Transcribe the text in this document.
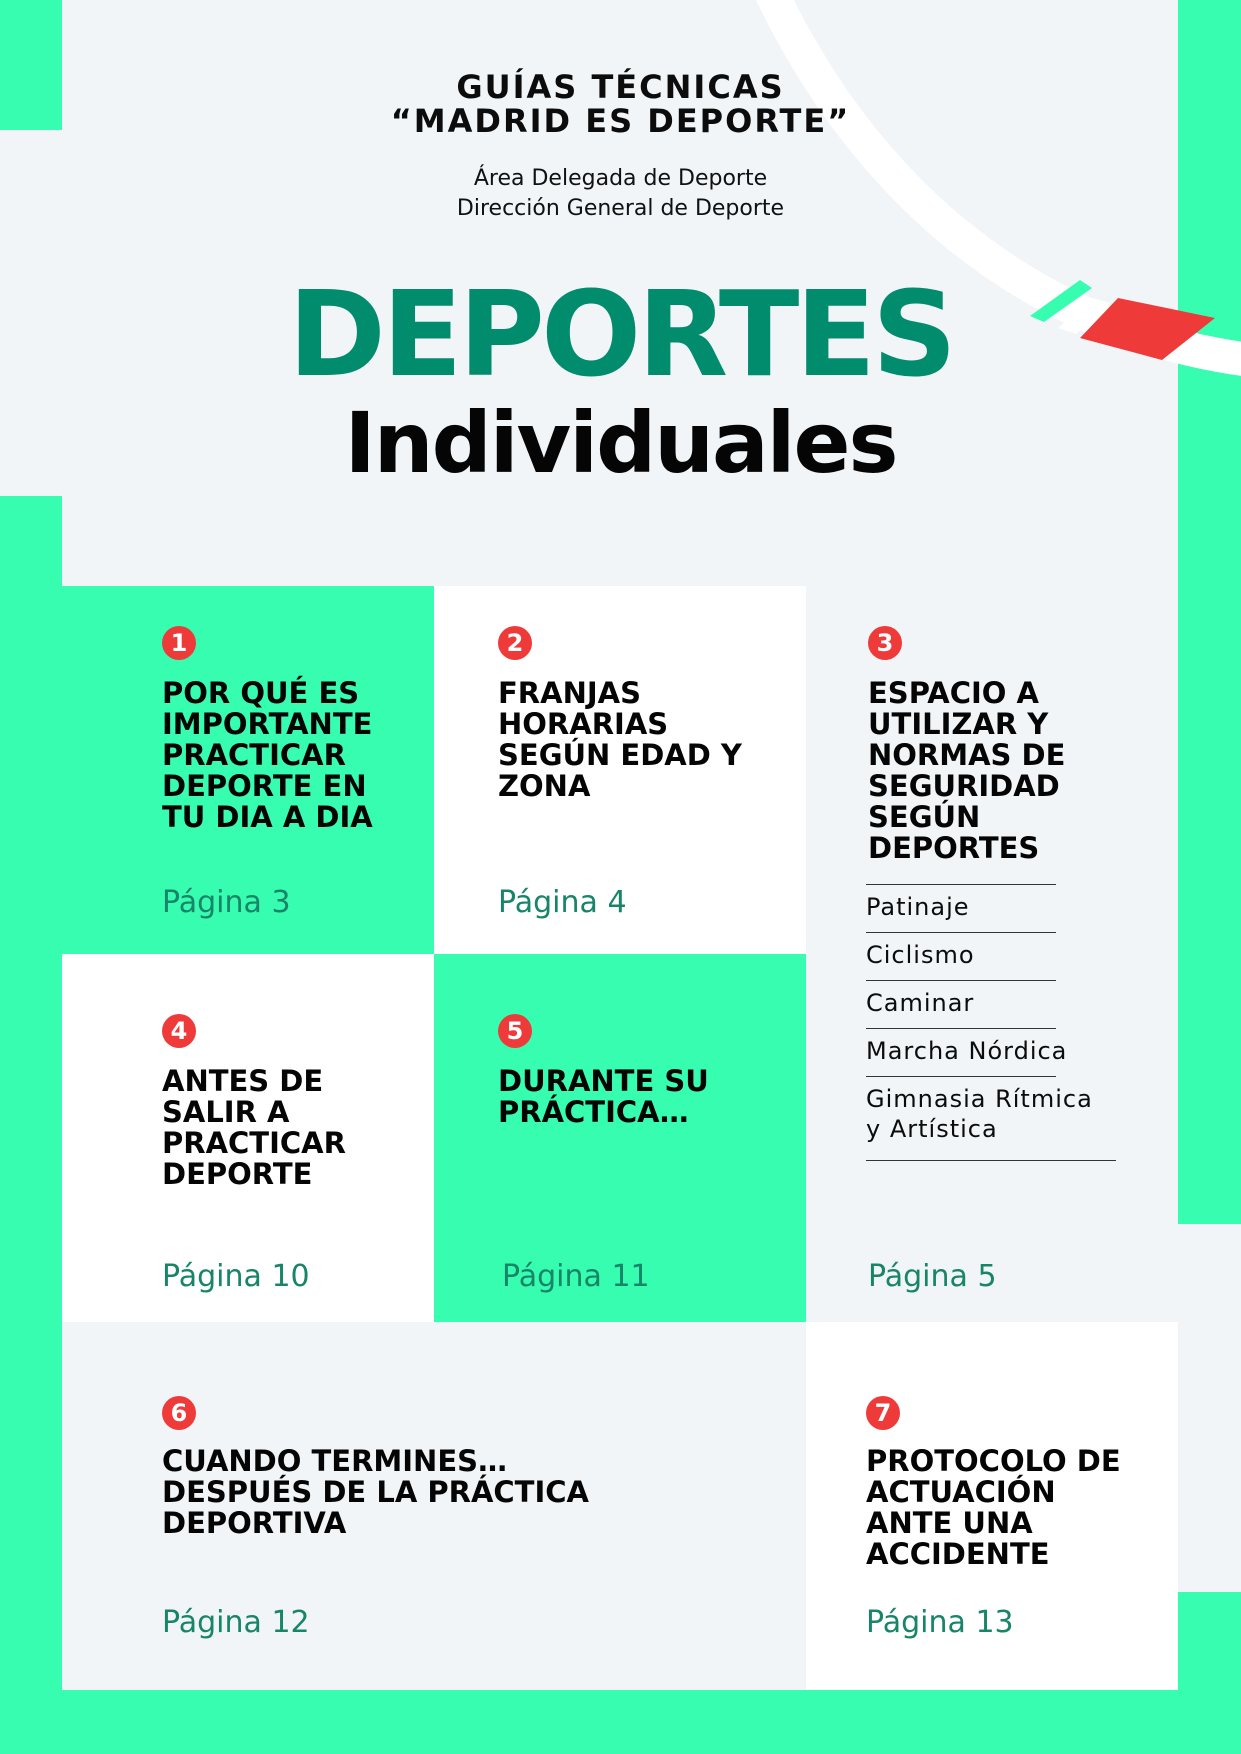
GUÍAS TÉCNICAS
“MADRID ES DEPORTE”
Área Delegada de Deporte
Dirección General de Deporte
DEPORTES
Individuales
1
POR QUÉ ES IMPORTANTE PRACTICAR DEPORTE EN TU DIA A DIA
Página 3
2
FRANJAS HORARIAS SEGÚN EDAD Y ZONA
Página 4
3
ESPACIO A UTILIZAR Y NORMAS DE SEGURIDAD SEGÚN DEPORTES
Página 5
Patinaje
Ciclismo
Caminar
Marcha Nórdica
Gimnasia Rítmica y Artística
4
ANTES DE SALIR A PRACTICAR DEPORTE
Página 10
5
DURANTE SU PRÁCTICA…
Página 11
6
CUANDO TERMINES… DESPUÉS DE LA PRÁCTICA DEPORTIVA
Página 12
7
PROTOCOLO DE ACTUACIÓN ANTE UNA ACCIDENTE
Página 13
